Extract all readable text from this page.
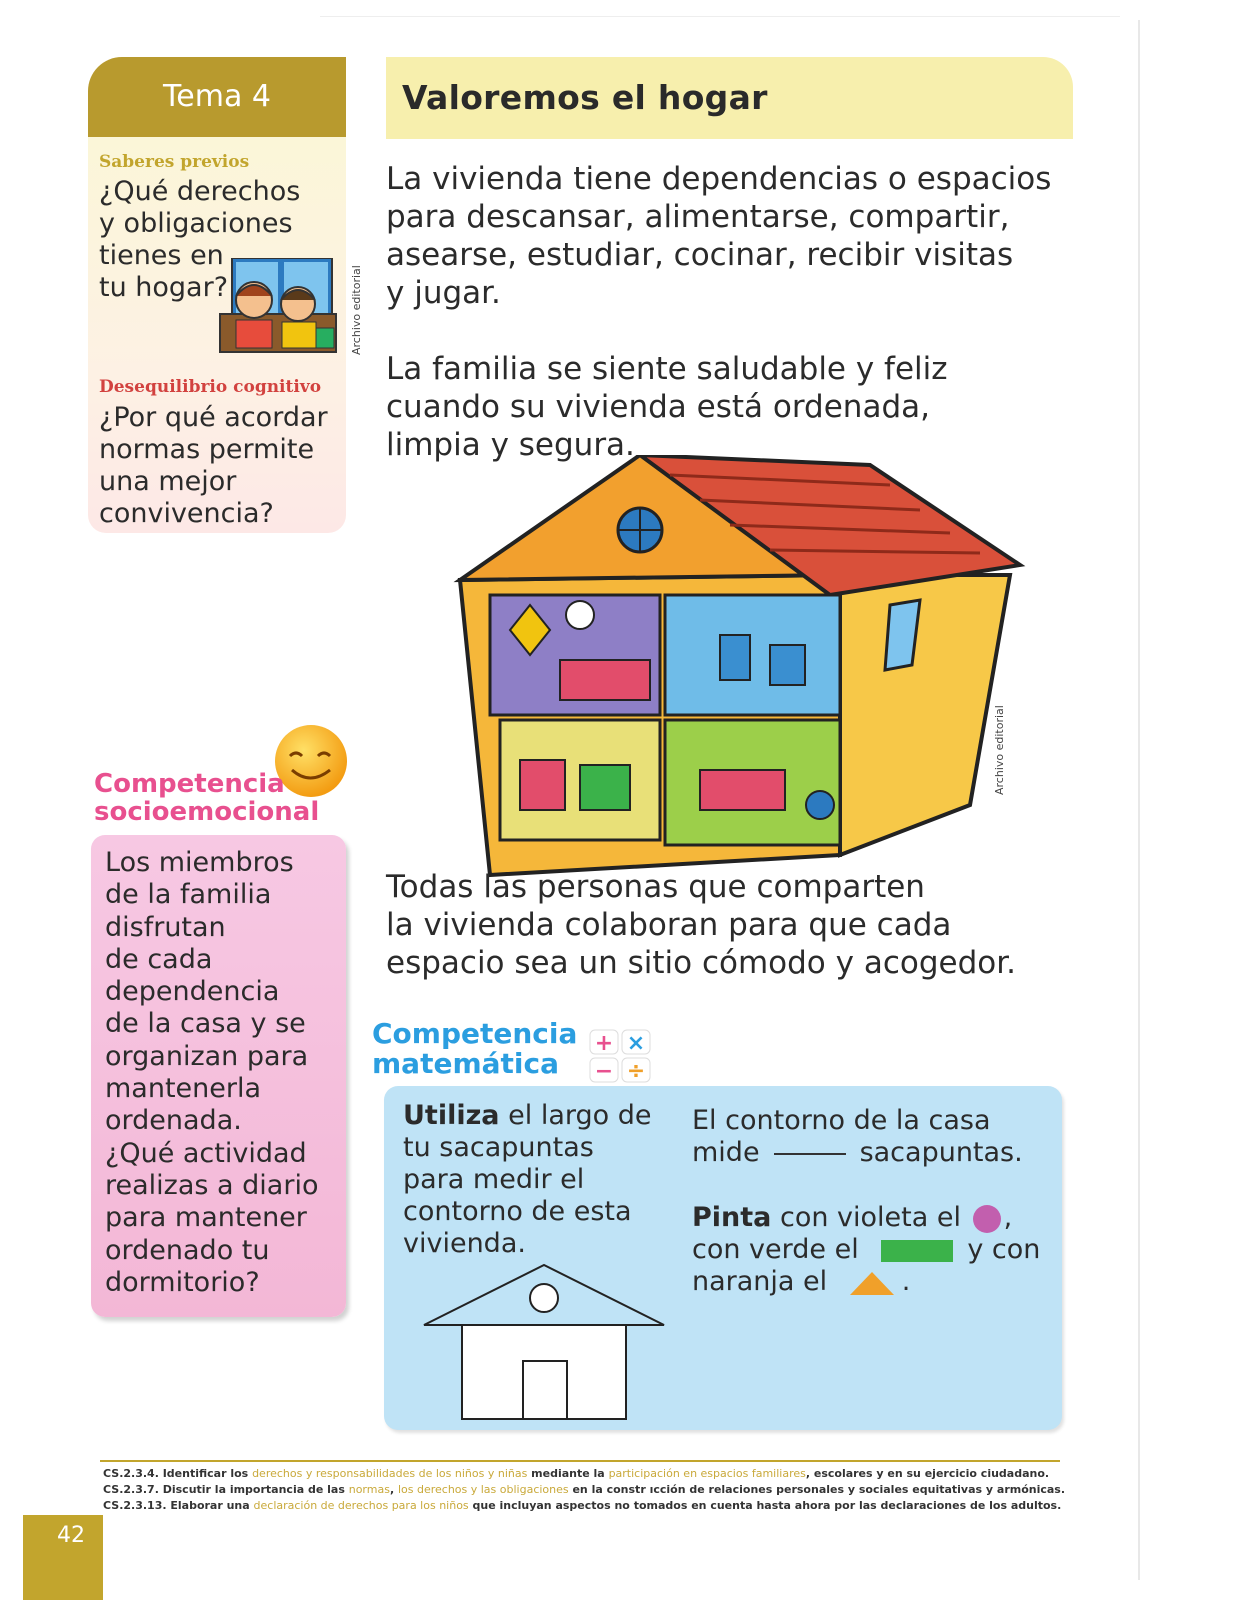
Tema 4
Saberes previos
¿Qué derechos
y obligaciones
tienes en
tu hogar?	Archivo editorial
Desequilibrio cognitivo
¿Por qué acordar
normas permite
una mejor
convivencia?
Valoremos el hogar
La vivienda tiene dependencias o espacios
para descansar, alimentarse, compartir,
asearse, estudiar, cocinar, recibir visitas
y jugar.
La familia se siente saludable y feliz
cuando su vivienda está ordenada,
limpia y segura.
Archivo editorial
Todas las personas que comparten
la vivienda colaboran para que cada
espacio sea un sitio cómodo y acogedor.
Competencia
socioemocional
Los miembros
de la familia
disfrutan
de cada
dependencia
de la casa y se
organizan para
mantenerla
ordenada.
¿Qué actividad
realizas a diario
para mantener
ordenado tu
dormitorio?
Competencia
matemática
+ ×
− ÷
Utiliza el largo de
tu sacapuntas
para medir el
contorno de esta
vivienda.
El contorno de la casa
mide	sacapuntas.
Pinta con violeta el ,
con verde el	y con
naranja el	.
CS.2.3.4. Identificar los derechos y responsabilidades de los niños y niñas mediante la participación en espacios familiares, escolares y en su ejercicio ciudadano.
CS.2.3.7. Discutir la importancia de las normas, los derechos y las obligaciones en la constr ıcción de relaciones personales y sociales equitativas y armónicas.
CS.2.3.13. Elaborar una declaración de derechos para los niños que incluyan aspectos no tomados en cuenta hasta ahora por las declaraciones de los adultos.
42
